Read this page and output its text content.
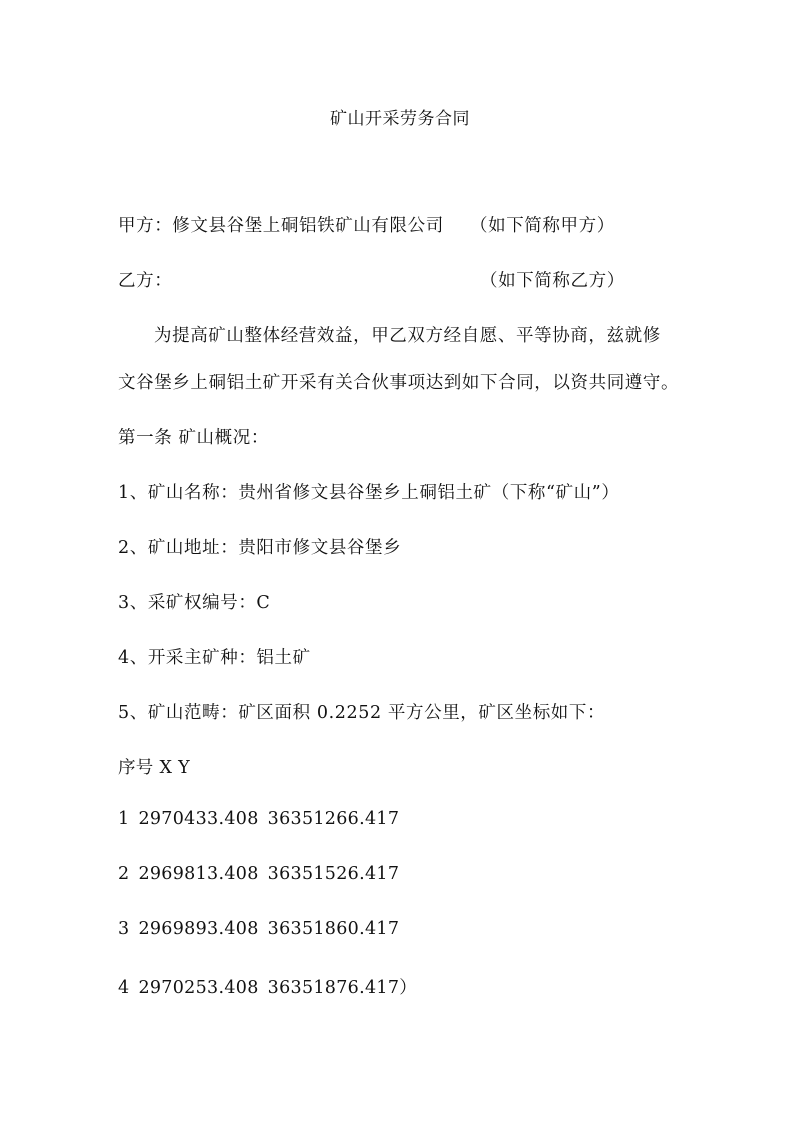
矿山开采劳务合同
甲方：修文县谷堡上硐铝铁矿山有限公司 （如下简称甲方）
乙方：	（如下简称乙方）
为提高矿山整体经营效益，甲乙双方经自愿、平等协商，兹就修
文谷堡乡上硐铝土矿开采有关合伙事项达到如下合同，以资共同遵守。
第一条 矿山概况：
1、矿山名称：贵州省修文县谷堡乡上硐铝土矿（下称“矿山”）
2、矿山地址：贵阳市修文县谷堡乡
3、采矿权编号：C
4、开采主矿种：铝土矿
5、矿山范畴：矿区面积 0.2252 平方公里，矿区坐标如下：
序号 X Y
1 2970433.408 36351266.417
2 2969813.408 36351526.417
3 2969893.408 36351860.417
4 2970253.408 36351876.417）
